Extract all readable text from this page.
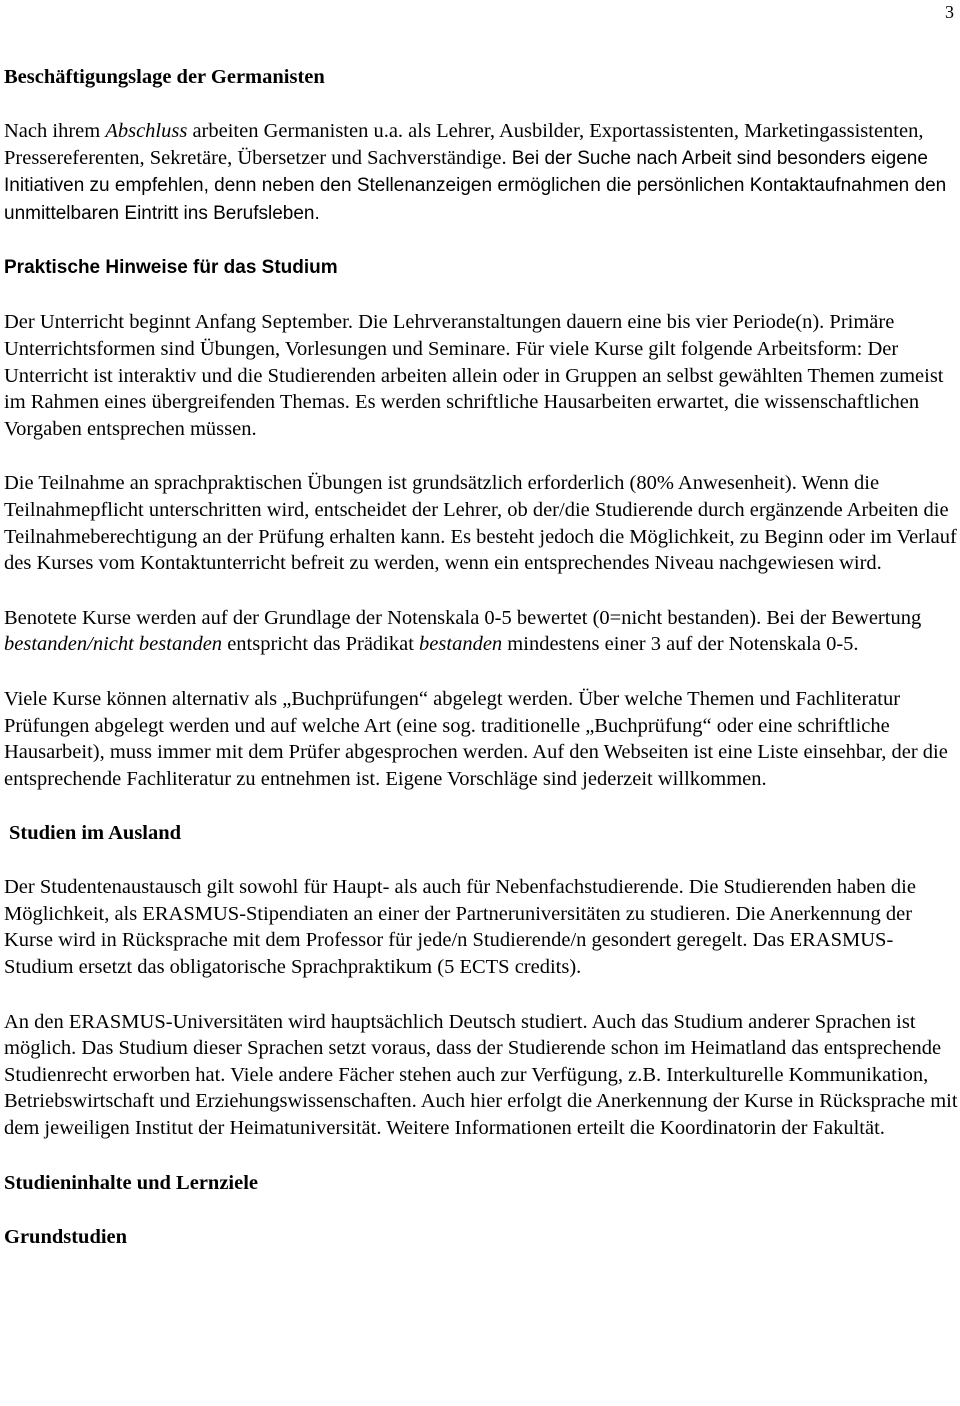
3
Beschäftigungslage der Germanisten

Nach ihrem Abschluss arbeiten Germanisten u.a. als Lehrer, Ausbilder, Exportassistenten, Marketingassistenten, Pressereferenten, Sekretäre, Übersetzer und Sachverständige. Bei der Suche nach Arbeit sind besonders eigene Initiativen zu empfehlen, denn neben den Stellenanzeigen ermöglichen die persönlichen Kontaktaufnahmen den unmittelbaren Eintritt ins Berufsleben.

Praktische Hinweise für das Studium

Der Unterricht beginnt Anfang September. Die Lehrveranstaltungen dauern eine bis vier Periode(n). Primäre Unterrichtsformen sind Übungen, Vorlesungen und Seminare. Für viele Kurse gilt folgende Arbeitsform: Der Unterricht ist interaktiv und die Studierenden arbeiten allein oder in Gruppen an selbst gewählten Themen zumeist im Rahmen eines übergreifenden Themas. Es werden schriftliche Hausarbeiten erwartet, die wissenschaftlichen Vorgaben entsprechen müssen.

Die Teilnahme an sprachpraktischen Übungen ist grundsätzlich erforderlich (80% Anwesenheit). Wenn die Teilnahmepflicht unterschritten wird, entscheidet der Lehrer, ob der/die Studierende durch ergänzende Arbeiten die Teilnahmeberechtigung an der Prüfung erhalten kann. Es besteht jedoch die Möglichkeit, zu Beginn oder im Verlauf des Kurses vom Kontaktunterricht befreit zu werden, wenn ein entsprechendes Niveau nachgewiesen wird.

Benotete Kurse werden auf der Grundlage der Notenskala 0-5 bewertet (0=nicht bestanden). Bei der Bewertung bestanden/nicht bestanden entspricht das Prädikat bestanden mindestens einer 3 auf der Notenskala 0-5.

Viele Kurse können alternativ als „Buchprüfungen“ abgelegt werden. Über welche Themen und Fachliteratur Prüfungen abgelegt werden und auf welche Art (eine sog. traditionelle „Buchprüfung“ oder eine schriftliche Hausarbeit), muss immer mit dem Prüfer abgesprochen werden. Auf den Webseiten ist eine Liste einsehbar, der die entsprechende Fachliteratur zu entnehmen ist. Eigene Vorschläge sind jederzeit willkommen.

Studien im Ausland

Der Studentenaustausch gilt sowohl für Haupt- als auch für Nebenfachstudierende. Die Studierenden haben die Möglichkeit, als ERASMUS-Stipendiaten an einer der Partneruniversitäten zu studieren. Die Anerkennung der Kurse wird in Rücksprache mit dem Professor für jede/n Studierende/n gesondert geregelt. Das ERASMUS-Studium ersetzt das obligatorische Sprachpraktikum (5 ECTS credits).

An den ERASMUS-Universitäten wird hauptsächlich Deutsch studiert. Auch das Studium anderer Sprachen ist möglich. Das Studium dieser Sprachen setzt voraus, dass der Studierende schon im Heimatland das entsprechende Studienrecht erworben hat. Viele andere Fächer stehen auch zur Verfügung, z.B. Interkulturelle Kommunikation, Betriebswirtschaft und Erziehungswissenschaften. Auch hier erfolgt die Anerkennung der Kurse in Rücksprache mit dem jeweiligen Institut der Heimatuniversität. Weitere Informationen erteilt die Koordinatorin der Fakultät.

Studieninhalte und Lernziele
Grundstudien
